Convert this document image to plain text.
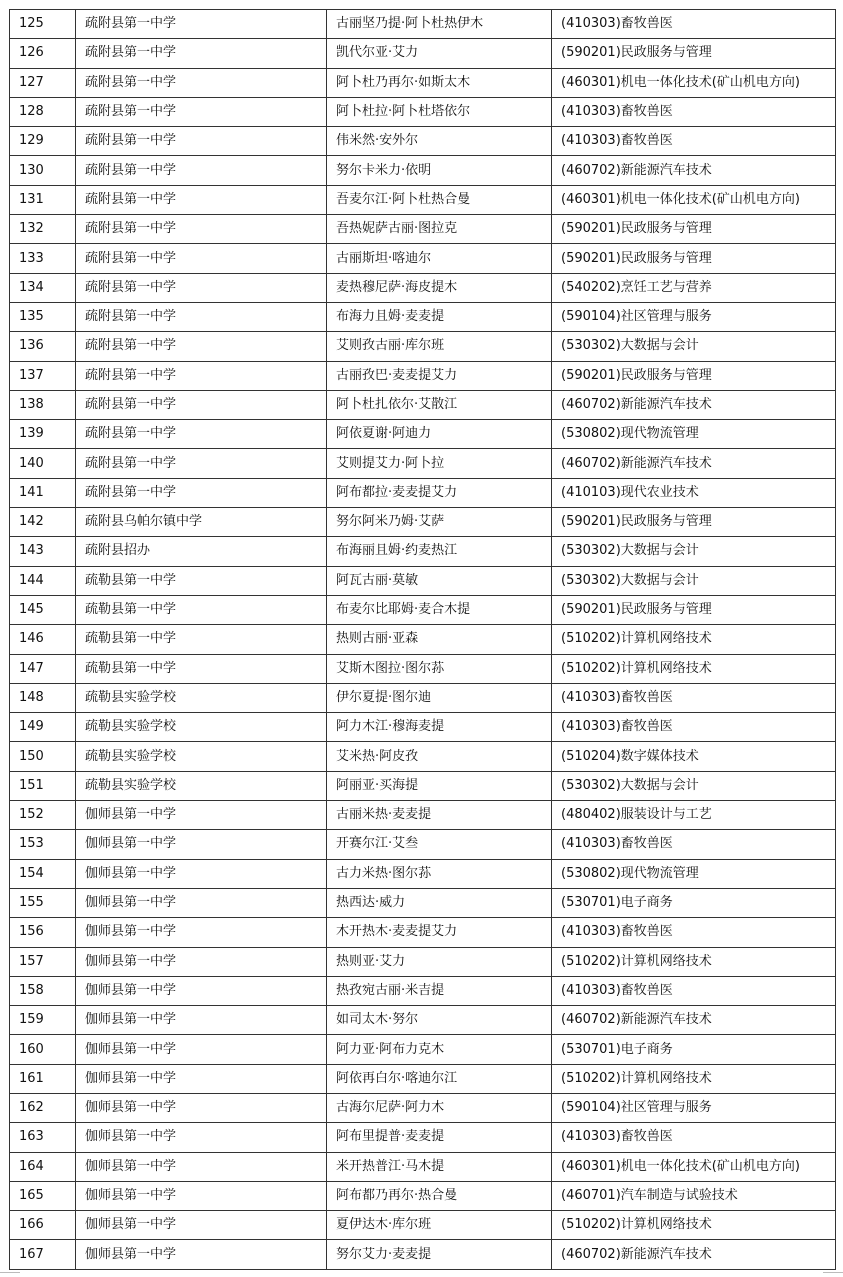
125	疏附县第一中学	古丽坚乃提·阿卜杜热伊木	(410303)畜牧兽医
126	疏附县第一中学	凯代尔亚·艾力	(590201)民政服务与管理
127	疏附县第一中学	阿卜杜乃再尔·如斯太木	(460301)机电一体化技术(矿山机电方向)
128	疏附县第一中学	阿卜杜拉·阿卜杜塔依尔	(410303)畜牧兽医
129	疏附县第一中学	伟米然·安外尔	(410303)畜牧兽医
130	疏附县第一中学	努尔卡米力·依明	(460702)新能源汽车技术
131	疏附县第一中学	吾麦尔江·阿卜杜热合曼	(460301)机电一体化技术(矿山机电方向)
132	疏附县第一中学	吾热妮萨古丽·图拉克	(590201)民政服务与管理
133	疏附县第一中学	古丽斯坦·喀迪尔	(590201)民政服务与管理
134	疏附县第一中学	麦热穆尼萨·海皮提木	(540202)烹饪工艺与营养
135	疏附县第一中学	布海力且姆·麦麦提	(590104)社区管理与服务
136	疏附县第一中学	艾则孜古丽·库尔班	(530302)大数据与会计
137	疏附县第一中学	古丽孜巴·麦麦提艾力	(590201)民政服务与管理
138	疏附县第一中学	阿卜杜扎依尔·艾散江	(460702)新能源汽车技术
139	疏附县第一中学	阿依夏谢·阿迪力	(530802)现代物流管理
140	疏附县第一中学	艾则提艾力·阿卜拉	(460702)新能源汽车技术
141	疏附县第一中学	阿布都拉·麦麦提艾力	(410103)现代农业技术
142	疏附县乌帕尔镇中学	努尔阿米乃姆·艾萨	(590201)民政服务与管理
143	疏附县招办	布海丽且姆·约麦热江	(530302)大数据与会计
144	疏勒县第一中学	阿瓦古丽·莫敏	(530302)大数据与会计
145	疏勒县第一中学	布麦尔比耶姆·麦合木提	(590201)民政服务与管理
146	疏勒县第一中学	热则古丽·亚森	(510202)计算机网络技术
147	疏勒县第一中学	艾斯木图拉·图尔荪	(510202)计算机网络技术
148	疏勒县实验学校	伊尔夏提·图尔迪	(410303)畜牧兽医
149	疏勒县实验学校	阿力木江·穆海麦提	(410303)畜牧兽医
150	疏勒县实验学校	艾米热·阿皮孜	(510204)数字媒体技术
151	疏勒县实验学校	阿丽亚·买海提	(530302)大数据与会计
152	伽师县第一中学	古丽米热·麦麦提	(480402)服装设计与工艺
153	伽师县第一中学	开赛尔江·艾叁	(410303)畜牧兽医
154	伽师县第一中学	古力米热·图尔荪	(530802)现代物流管理
155	伽师县第一中学	热西达·威力	(530701)电子商务
156	伽师县第一中学	木开热木·麦麦提艾力	(410303)畜牧兽医
157	伽师县第一中学	热则亚·艾力	(510202)计算机网络技术
158	伽师县第一中学	热孜宛古丽·米吉提	(410303)畜牧兽医
159	伽师县第一中学	如司太木·努尔	(460702)新能源汽车技术
160	伽师县第一中学	阿力亚·阿布力克木	(530701)电子商务
161	伽师县第一中学	阿依再白尔·喀迪尔江	(510202)计算机网络技术
162	伽师县第一中学	古海尔尼萨·阿力木	(590104)社区管理与服务
163	伽师县第一中学	阿布里提普·麦麦提	(410303)畜牧兽医
164	伽师县第一中学	米开热普江·马木提	(460301)机电一体化技术(矿山机电方向)
165	伽师县第一中学	阿布都乃再尔·热合曼	(460701)汽车制造与试验技术
166	伽师县第一中学	夏伊达木·库尔班	(510202)计算机网络技术
167	伽师县第一中学	努尔艾力·麦麦提	(460702)新能源汽车技术
